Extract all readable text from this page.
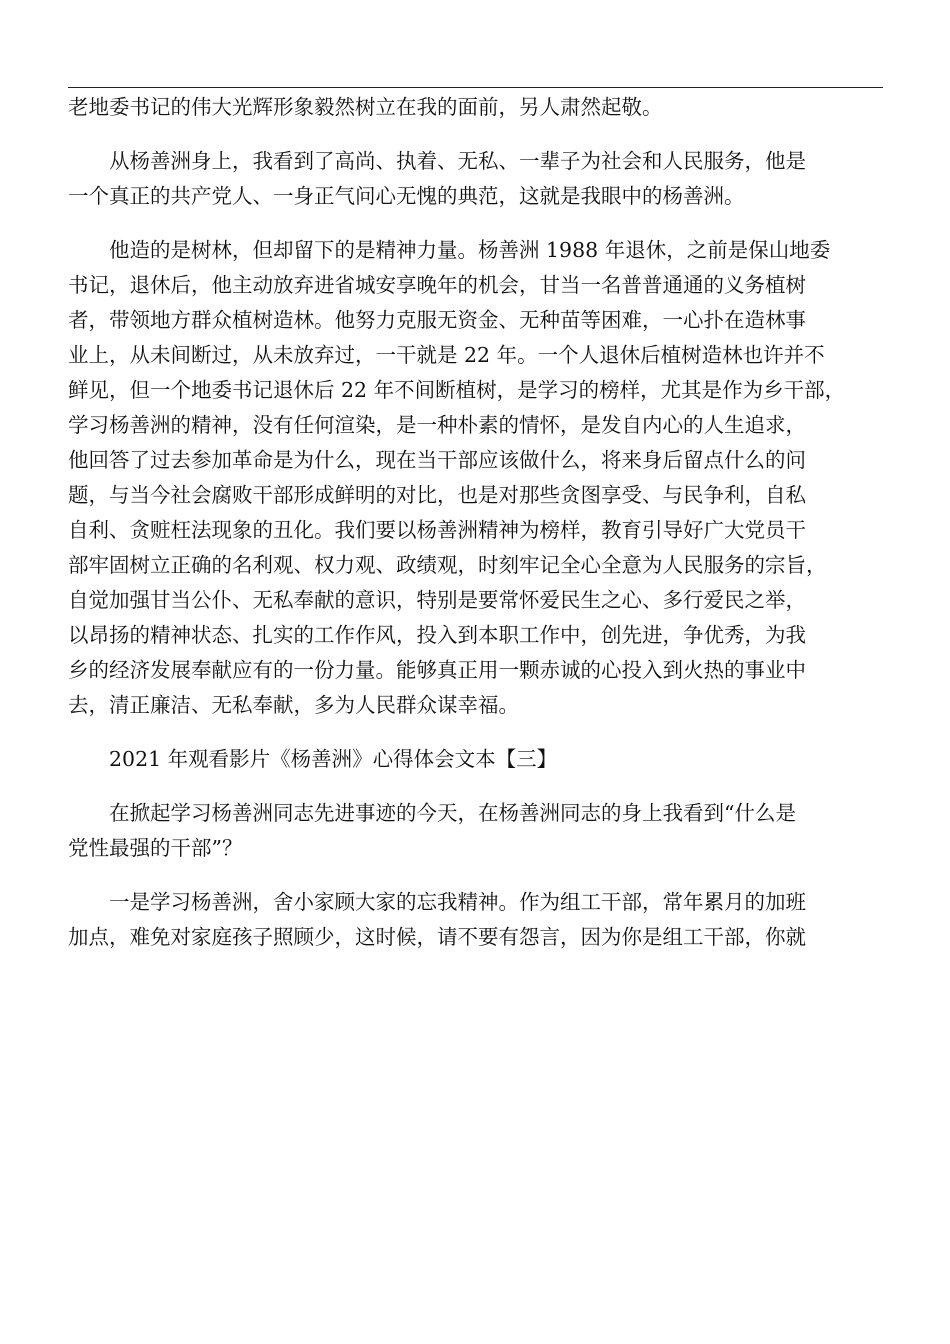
老地委书记的伟大光辉形象毅然树立在我的面前，另人肃然起敬。
从杨善洲身上，我看到了高尚、执着、无私、一辈子为社会和人民服务，他是
一个真正的共产党人、一身正气问心无愧的典范，这就是我眼中的杨善洲。
他造的是树林，但却留下的是精神力量。杨善洲 1988 年退休，之前是保山地委
书记，退休后，他主动放弃进省城安享晚年的机会，甘当一名普普通通的义务植树
者，带领地方群众植树造林。他努力克服无资金、无种苗等困难，一心扑在造林事
业上，从未间断过，从未放弃过，一干就是 22 年。一个人退休后植树造林也许并不
鲜见，但一个地委书记退休后 22 年不间断植树，是学习的榜样，尤其是作为乡干部，
学习杨善洲的精神，没有任何渲染，是一种朴素的情怀，是发自内心的人生追求，
他回答了过去参加革命是为什么，现在当干部应该做什么，将来身后留点什么的问
题，与当今社会腐败干部形成鲜明的对比，也是对那些贪图享受、与民争利，自私
自利、贪赃枉法现象的丑化。我们要以杨善洲精神为榜样，教育引导好广大党员干
部牢固树立正确的名利观、权力观、政绩观，时刻牢记全心全意为人民服务的宗旨，
自觉加强甘当公仆、无私奉献的意识，特别是要常怀爱民生之心、多行爱民之举，
以昂扬的精神状态、扎实的工作作风，投入到本职工作中，创先进，争优秀，为我
乡的经济发展奉献应有的一份力量。能够真正用一颗赤诚的心投入到火热的事业中
去，清正廉洁、无私奉献，多为人民群众谋幸福。
2021 年观看影片《杨善洲》心得体会文本【三】
在掀起学习杨善洲同志先进事迹的今天，在杨善洲同志的身上我看到“什么是
党性最强的干部”？
一是学习杨善洲，舍小家顾大家的忘我精神。作为组工干部，常年累月的加班
加点，难免对家庭孩子照顾少，这时候，请不要有怨言，因为你是组工干部，你就
